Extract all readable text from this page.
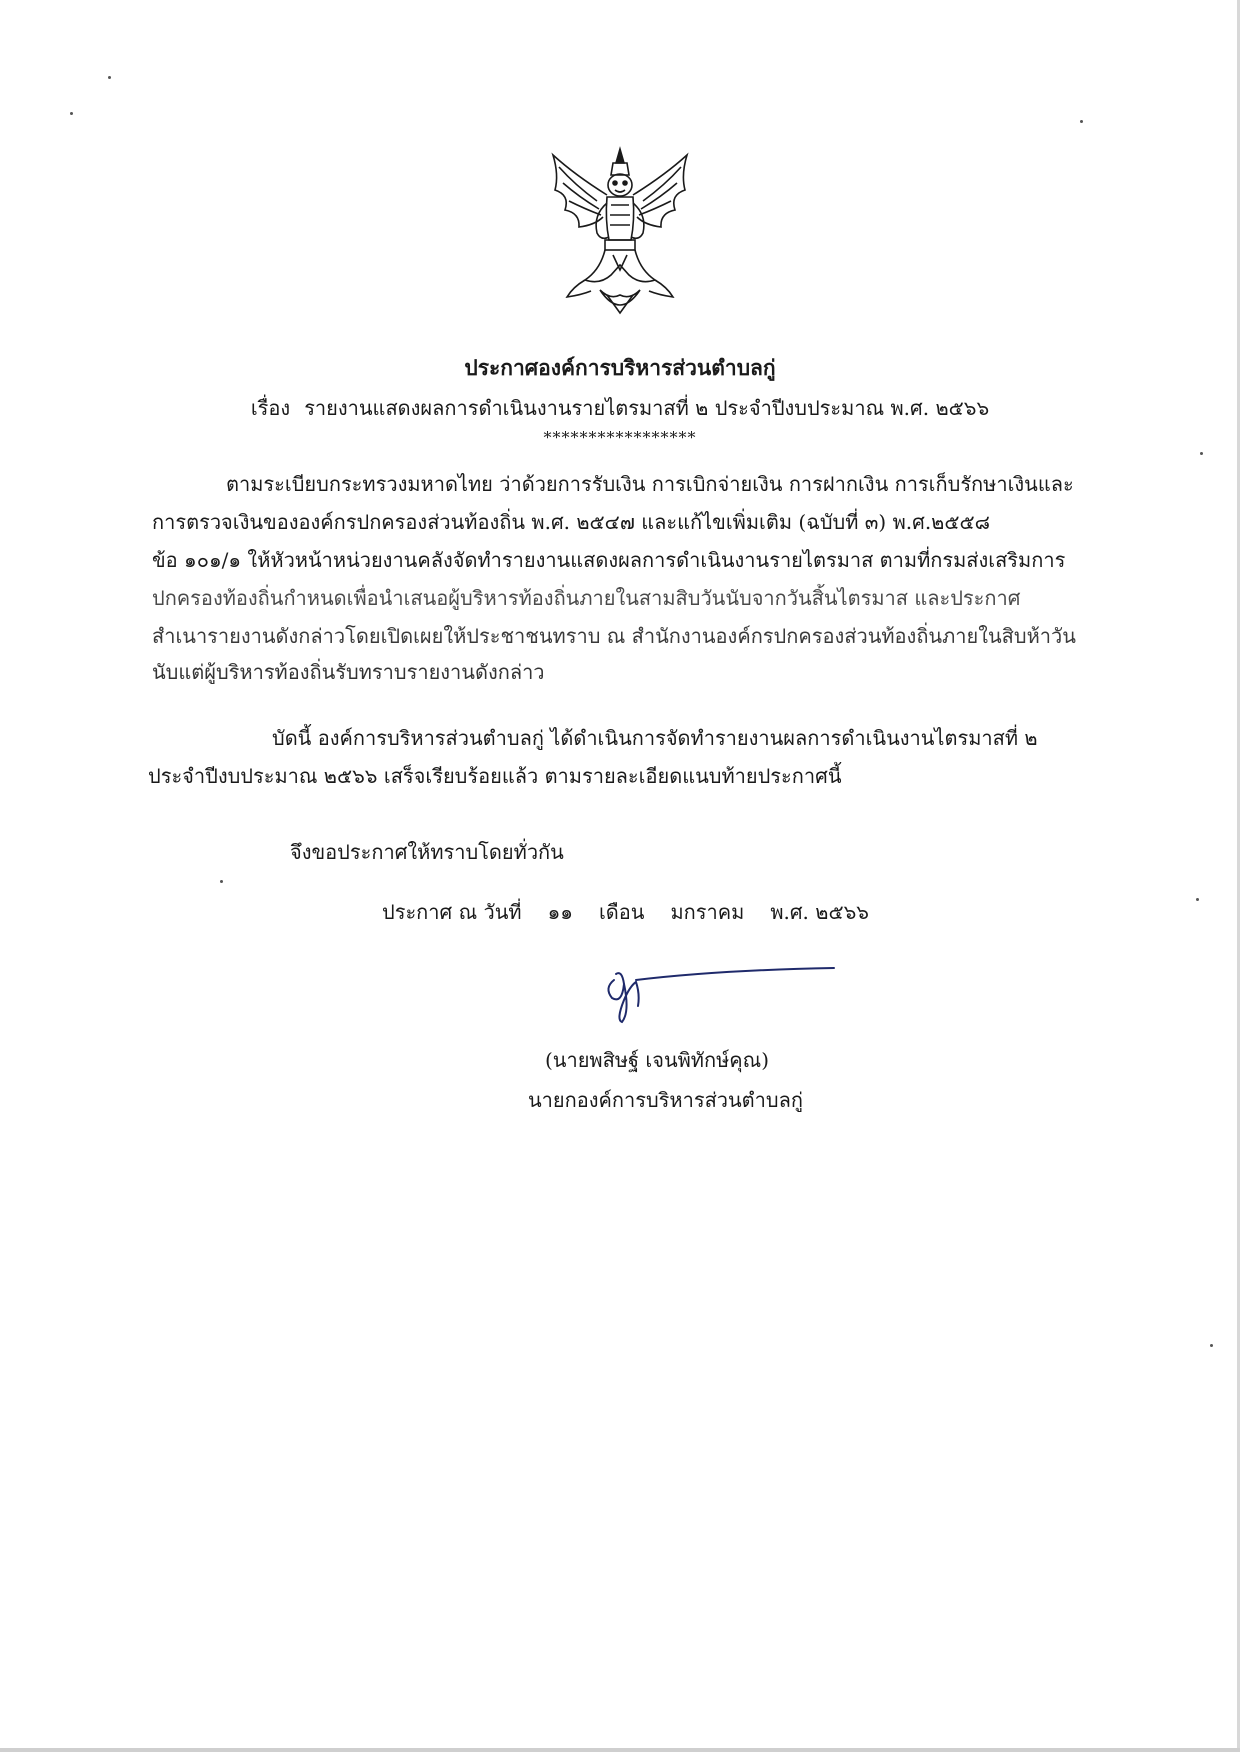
ประกาศองค์การบริหารส่วนตำบลกู่
เรื่อง รายงานแสดงผลการดำเนินงานรายไตรมาสที่ ๒ ประจำปีงบประมาณ พ.ศ. ๒๕๖๖
*****************
ตามระเบียบกระทรวงมหาดไทย ว่าด้วยการรับเงิน การเบิกจ่ายเงิน การฝากเงิน การเก็บรักษาเงินและ
การตรวจเงินขององค์กรปกครองส่วนท้องถิ่น พ.ศ. ๒๕๔๗ และแก้ไขเพิ่มเติม (ฉบับที่ ๓) พ.ศ.๒๕๕๘
ข้อ ๑๐๑/๑ ให้หัวหน้าหน่วยงานคลังจัดทำรายงานแสดงผลการดำเนินงานรายไตรมาส ตามที่กรมส่งเสริมการ
ปกครองท้องถิ่นกำหนดเพื่อนำเสนอผู้บริหารท้องถิ่นภายในสามสิบวันนับจากวันสิ้นไตรมาส และประกาศ
สำเนารายงานดังกล่าวโดยเปิดเผยให้ประชาชนทราบ ณ สำนักงานองค์กรปกครองส่วนท้องถิ่นภายในสิบห้าวัน
นับแต่ผู้บริหารท้องถิ่นรับทราบรายงานดังกล่าว
บัดนี้ องค์การบริหารส่วนตำบลกู่ ได้ดำเนินการจัดทำรายงานผลการดำเนินงานไตรมาสที่ ๒
ประจำปีงบประมาณ ๒๕๖๖ เสร็จเรียบร้อยแล้ว ตามรายละเอียดแนบท้ายประกาศนี้
จึงขอประกาศให้ทราบโดยทั่วกัน
ประกาศ ณ วันที่ ๑๑ เดือน มกราคม พ.ศ. ๒๕๖๖
(นายพสิษฐ์ เจนพิทักษ์คุณ)
นายกองค์การบริหารส่วนตำบลกู่
